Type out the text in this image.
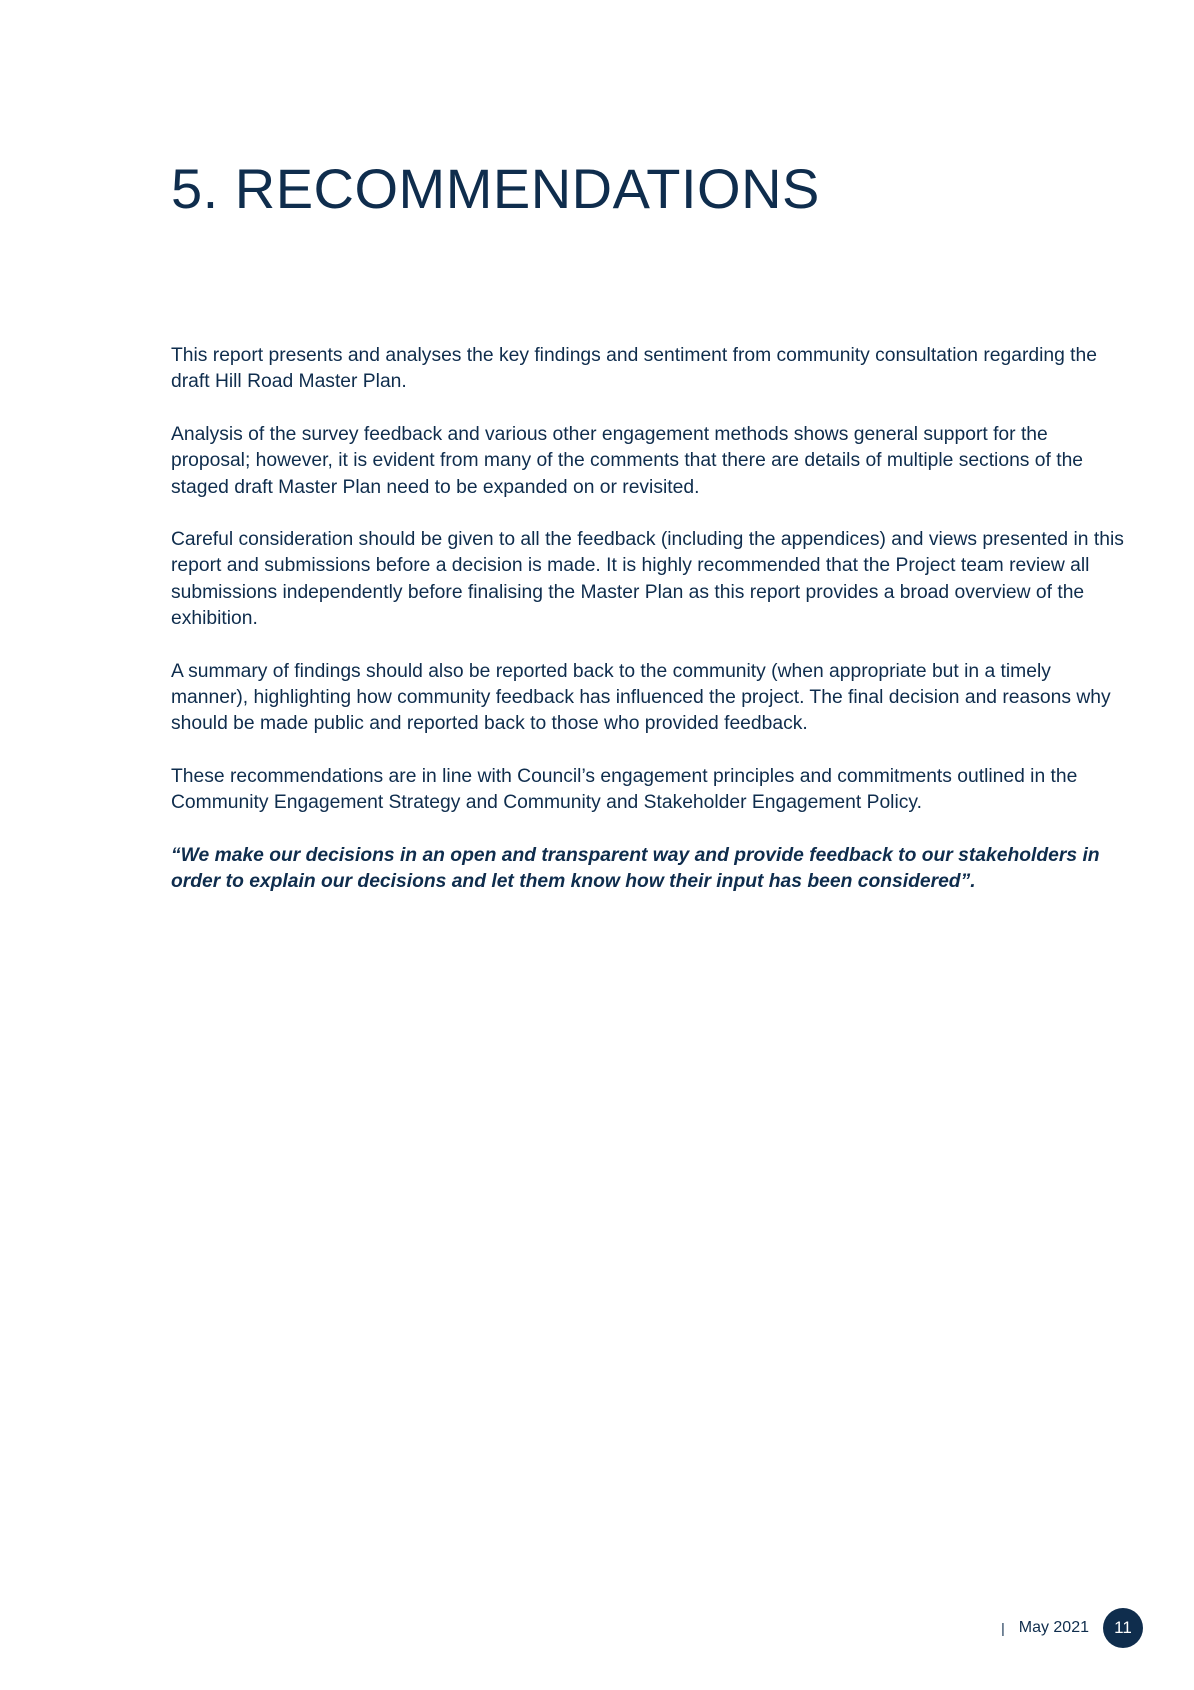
5. RECOMMENDATIONS

This report presents and analyses the key findings and sentiment from community consultation regarding the draft Hill Road Master Plan.

Analysis of the survey feedback and various other engagement methods shows general support for the proposal; however, it is evident from many of the comments that there are details of multiple sections of the staged draft Master Plan need to be expanded on or revisited.

Careful consideration should be given to all the feedback (including the appendices) and views presented in this report and submissions before a decision is made. It is highly recommended that the Project team review all submissions independently before finalising the Master Plan as this report provides a broad overview of the exhibition.

A summary of findings should also be reported back to the community (when appropriate but in a timely manner), highlighting how community feedback has influenced the project. The final decision and reasons why should be made public and reported back to those who provided feedback.

These recommendations are in line with Council’s engagement principles and commitments outlined in the Community Engagement Strategy and Community and Stakeholder Engagement Policy.

“We make our decisions in an open and transparent way and provide feedback to our stakeholders in order to explain our decisions and let them know how their input has been considered”.

| May 2021 11
